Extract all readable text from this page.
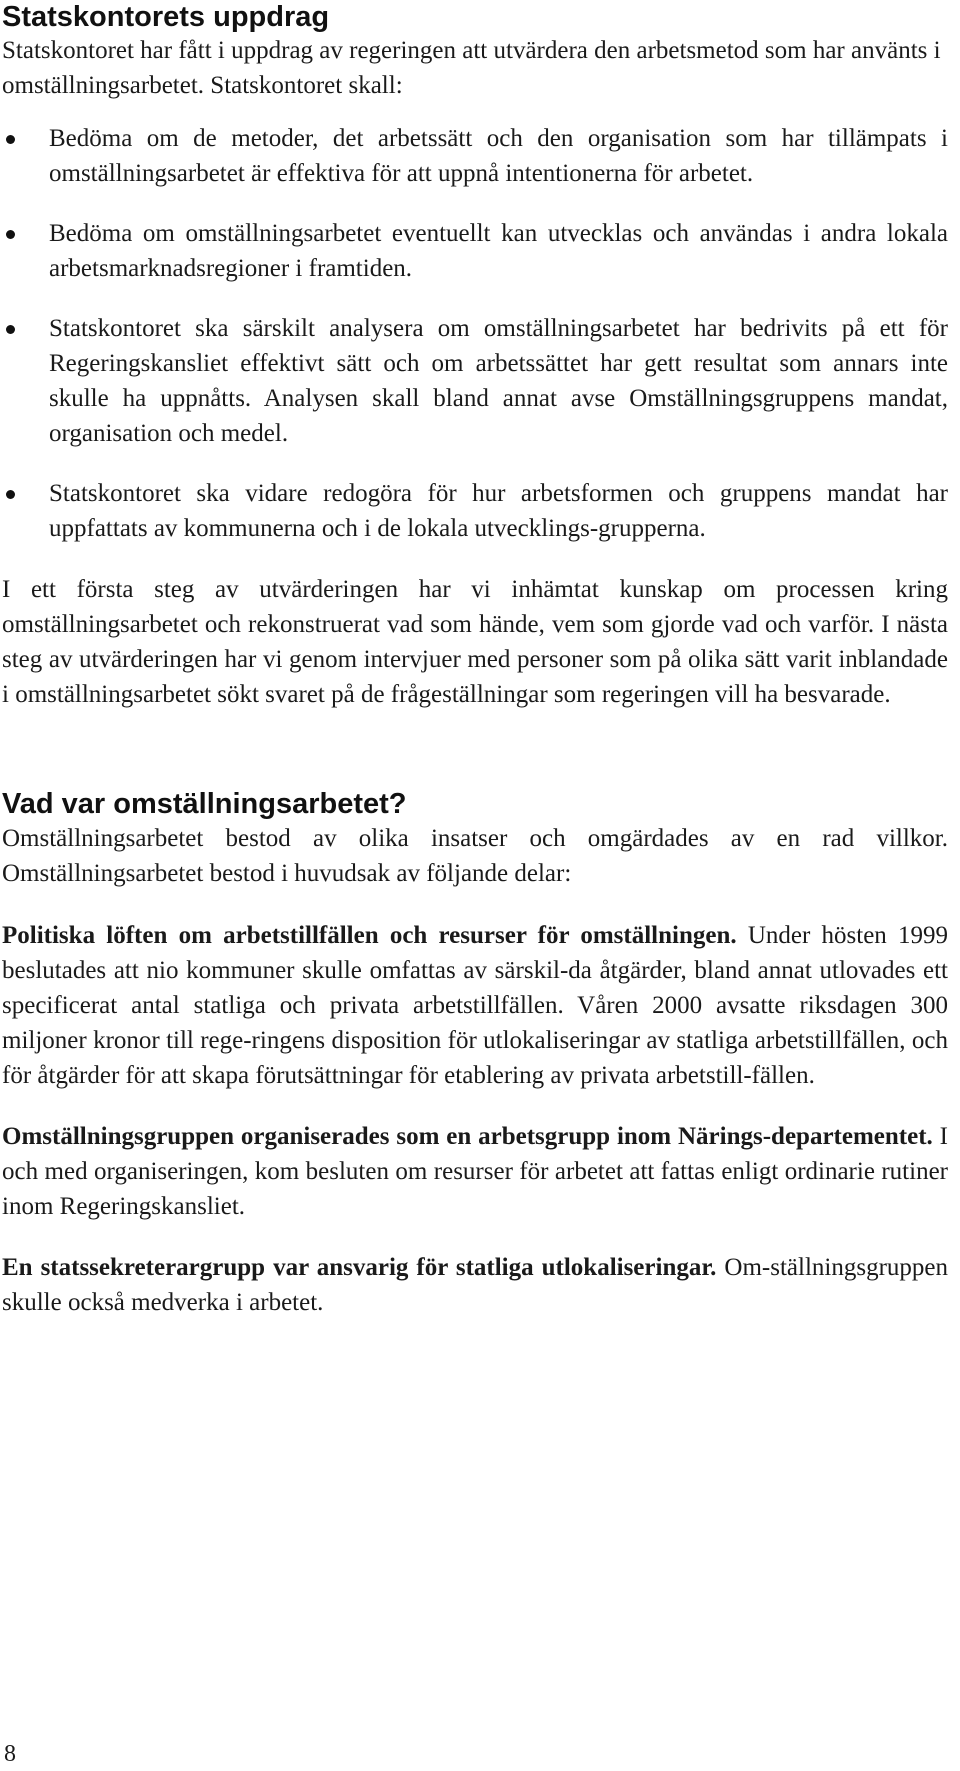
Statskontorets uppdrag

Statskontoret har fått i uppdrag av regeringen att utvärdera den arbetsmetod som har använts i omställningsarbetet. Statskontoret skall:

Bedöma om de metoder, det arbetssätt och den organisation som har tillämpats i omställningsarbetet är effektiva för att uppnå intentionerna för arbetet.
Bedöma om omställningsarbetet eventuellt kan utvecklas och användas i andra lokala arbetsmarknadsregioner i framtiden.
Statskontoret ska särskilt analysera om omställningsarbetet har bedrivits på ett för Regeringskansliet effektivt sätt och om arbetssättet har gett resultat som annars inte skulle ha uppnåtts. Analysen skall bland annat avse Omställningsgruppens mandat, organisation och medel.
Statskontoret ska vidare redogöra för hur arbetsformen och gruppens mandat har uppfattats av kommunerna och i de lokala utvecklings-grupperna.

I ett första steg av utvärderingen har vi inhämtat kunskap om processen kring omställningsarbetet och rekonstruerat vad som hände, vem som gjorde vad och varför. I nästa steg av utvärderingen har vi genom intervjuer med personer som på olika sätt varit inblandade i omställningsarbetet sökt svaret på de frågeställningar som regeringen vill ha besvarade.

Vad var omställningsarbetet?

Omställningsarbetet bestod av olika insatser och omgärdades av en rad villkor. Omställningsarbetet bestod i huvudsak av följande delar:

Politiska löften om arbetstillfällen och resurser för omställningen. Under hösten 1999 beslutades att nio kommuner skulle omfattas av särskil-da åtgärder, bland annat utlovades ett specificerat antal statliga och privata arbetstillfällen. Våren 2000 avsatte riksdagen 300 miljoner kronor till rege-ringens disposition för utlokaliseringar av statliga arbetstillfällen, och för åtgärder för att skapa förutsättningar för etablering av privata arbetstill-fällen.

Omställningsgruppen organiserades som en arbetsgrupp inom Närings-departementet. I och med organiseringen, kom besluten om resurser för arbetet att fattas enligt ordinarie rutiner inom Regeringskansliet.

En statssekreterargrupp var ansvarig för statliga utlokaliseringar. Om-ställningsgruppen skulle också medverka i arbetet.

8
